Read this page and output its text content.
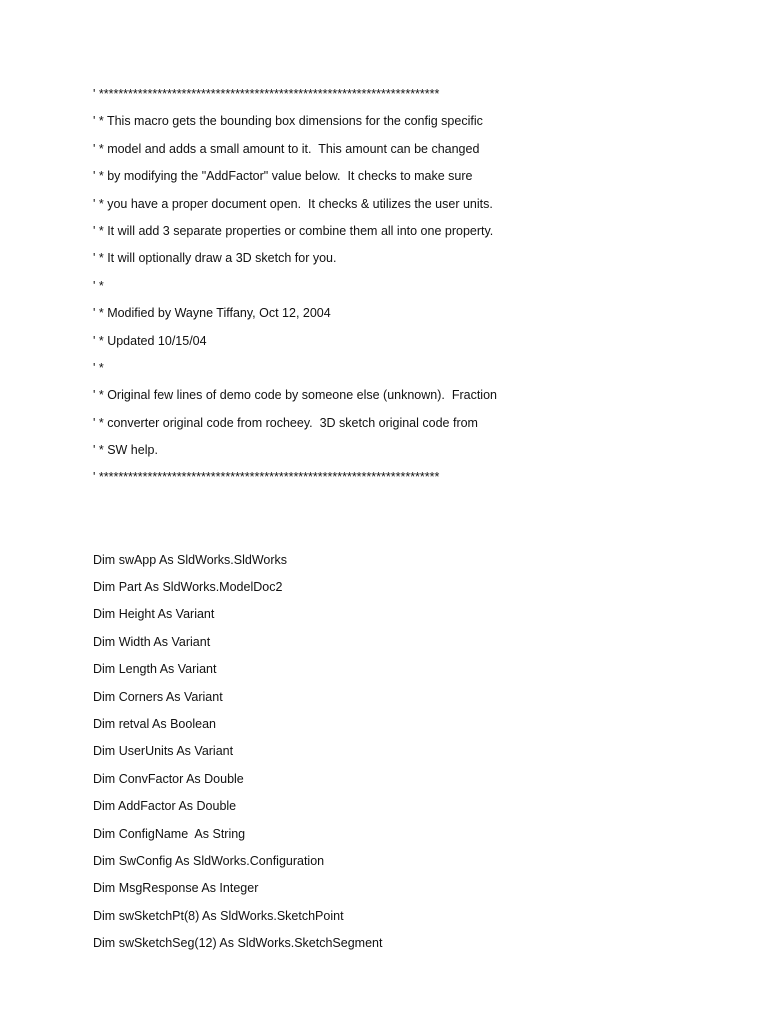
' **********************************************************************
' * This macro gets the bounding box dimensions for the config specific
' * model and adds a small amount to it.  This amount can be changed
' * by modifying the "AddFactor" value below.  It checks to make sure
' * you have a proper document open.  It checks & utilizes the user units.
' * It will add 3 separate properties or combine them all into one property.
' * It will optionally draw a 3D sketch for you.
' *
' * Modified by Wayne Tiffany, Oct 12, 2004
' * Updated 10/15/04
' *
' * Original few lines of demo code by someone else (unknown).  Fraction
' * converter original code from rocheey.  3D sketch original code from
' * SW help.
' **********************************************************************
Dim swApp As SldWorks.SldWorks
Dim Part As SldWorks.ModelDoc2
Dim Height As Variant
Dim Width As Variant
Dim Length As Variant
Dim Corners As Variant
Dim retval As Boolean
Dim UserUnits As Variant
Dim ConvFactor As Double
Dim AddFactor As Double
Dim ConfigName  As String
Dim SwConfig As SldWorks.Configuration
Dim MsgResponse As Integer
Dim swSketchPt(8) As SldWorks.SketchPoint
Dim swSketchSeg(12) As SldWorks.SketchSegment
